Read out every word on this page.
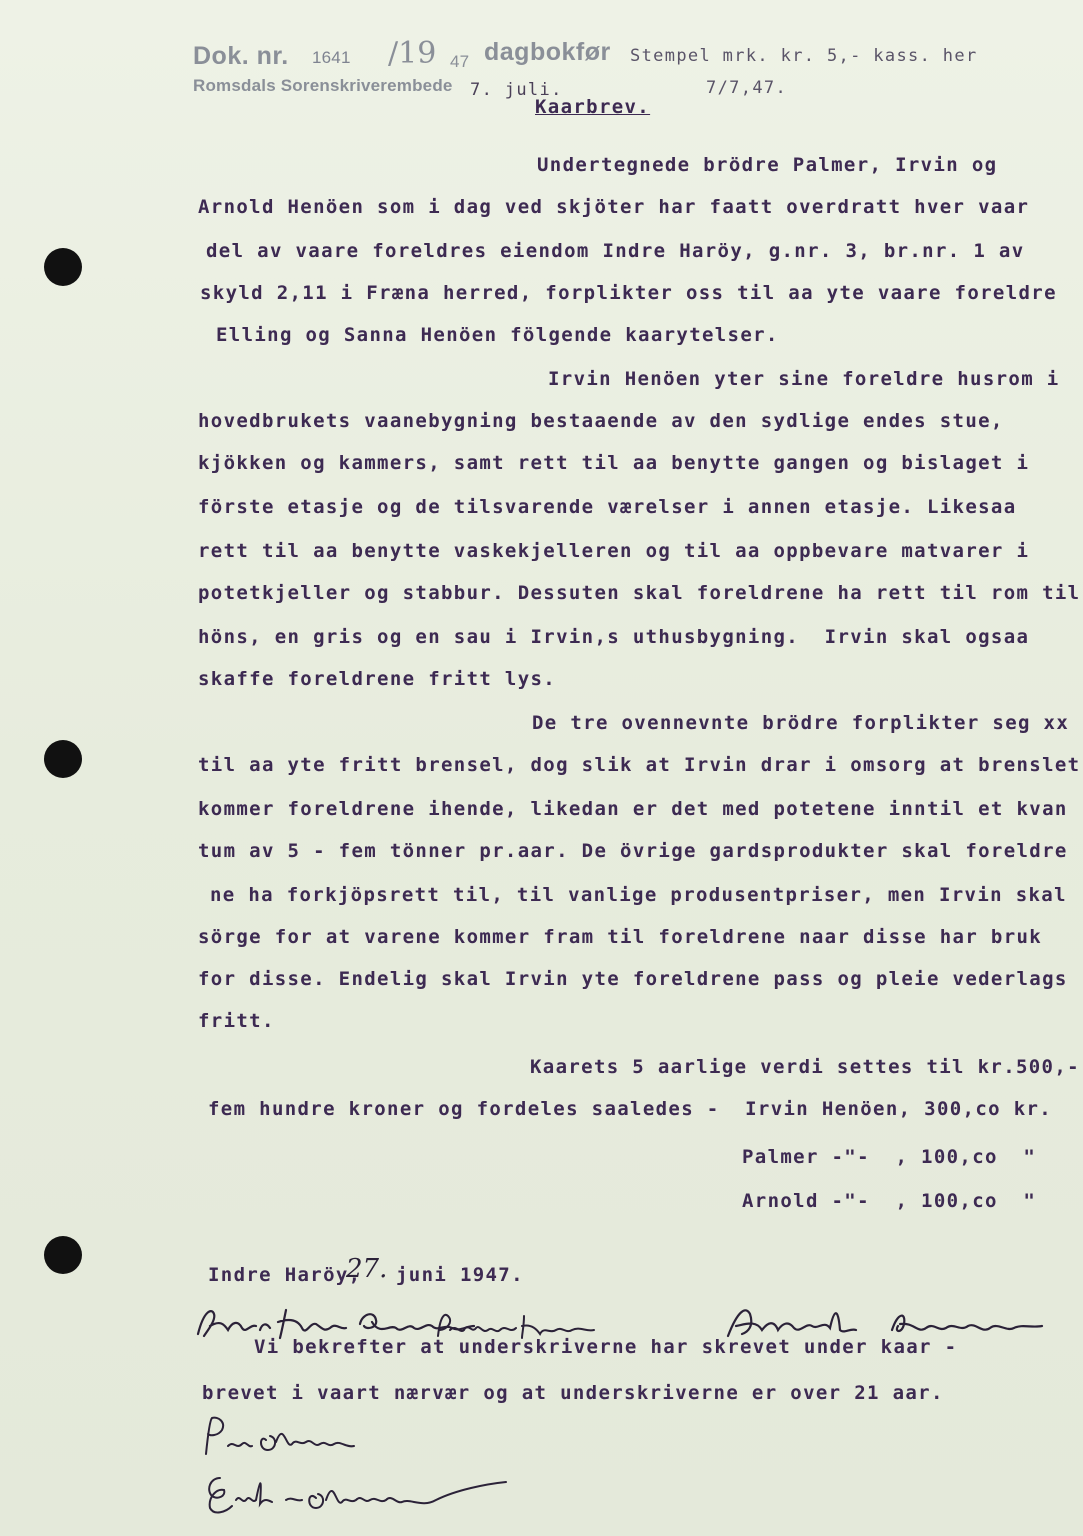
Dok. nr. 1641 /19 47 dagbokfør
Romsdals Sorenskriverembede 7. juli.
Stempel mrk. kr. 5,- kass. her
7/7,47.
Kaarbrev.
Undertegnede brödre Palmer, Irvin og
Arnold Henöen som i dag ved skjöter har faatt overdratt hver vaar
del av vaare foreldres eiendom Indre Haröy, g.nr. 3, br.nr. 1 av
skyld 2,11 i Fræna herred, forplikter oss til aa yte vaare foreldre
Elling og Sanna Henöen fölgende kaarytelser.
Irvin Henöen yter sine foreldre husrom i
hovedbrukets vaanebygning bestaaende av den sydlige endes stue,
kjökken og kammers, samt rett til aa benytte gangen og bislaget i
förste etasje og de tilsvarende værelser i annen etasje. Likesaa
rett til aa benytte vaskekjelleren og til aa oppbevare matvarer i
potetkjeller og stabbur. Dessuten skal foreldrene ha rett til rom til
höns, en gris og en sau i Irvin,s uthusbygning.  Irvin skal ogsaa
skaffe foreldrene fritt lys.
De tre ovennevnte brödre forplikter seg xx
til aa yte fritt brensel, dog slik at Irvin drar i omsorg at brenslet
kommer foreldrene ihende, likedan er det med potetene inntil et kvan
tum av 5 - fem tönner pr.aar. De övrige gardsprodukter skal foreldre
ne ha forkjöpsrett til, til vanlige produsentpriser, men Irvin skal
sörge for at varene kommer fram til foreldrene naar disse har bruk
for disse. Endelig skal Irvin yte foreldrene pass og pleie vederlags
fritt.
Kaarets 5 aarlige verdi settes til kr.500,-
fem hundre kroner og fordeles saaledes -  Irvin Henöen, 300,co kr.
Palmer -"-  , 100,co  "
Arnold -"-  , 100,co  "
Indre Haröy,
27. juni 1947.
Vi bekrefter at underskriverne har skrevet under kaar -
brevet i vaart nærvær og at underskriverne er over 21 aar.
